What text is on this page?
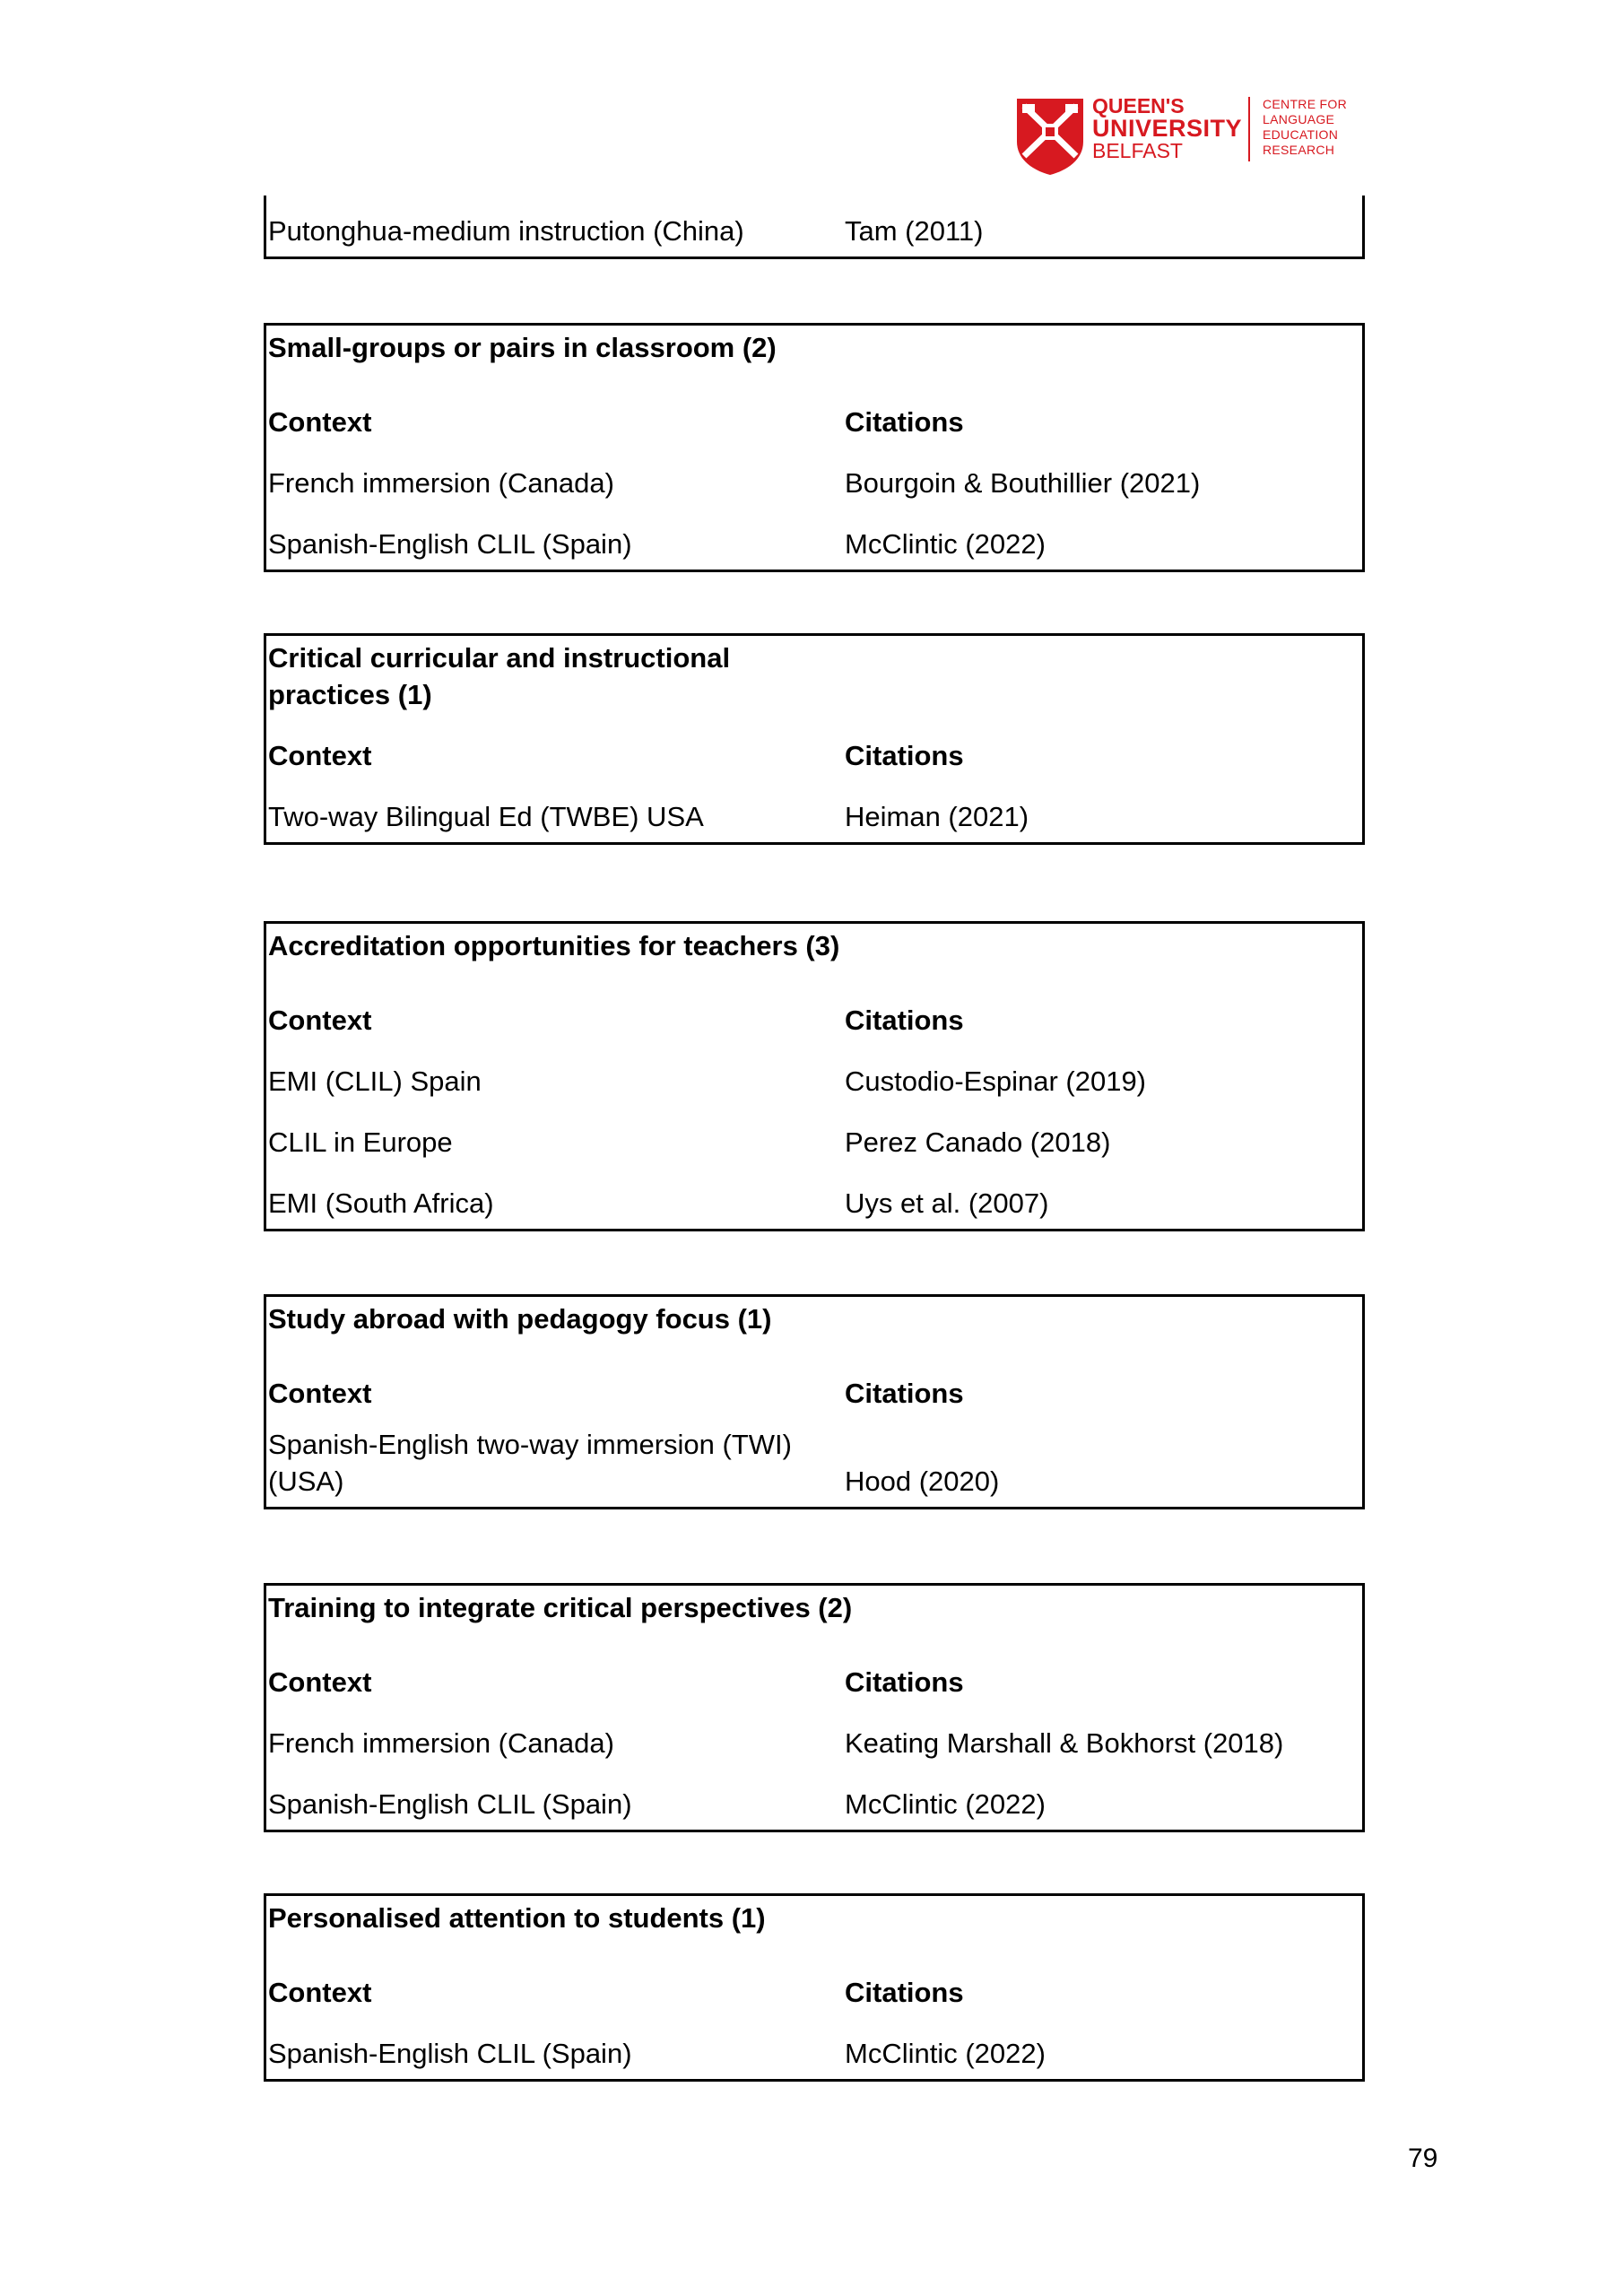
QUEEN'S
UNIVERSITY
BELFAST
CENTRE FOR
LANGUAGE
EDUCATION
RESEARCH
Putonghua-medium instruction (China)	Tam (2011)
Small-groups or pairs in classroom (2)
Context	Citations
French immersion (Canada)	Bourgoin & Bouthillier (2021)
Spanish-English CLIL (Spain)	McClintic (2022)
Critical curricular and instructional practices (1)
Context	Citations
Two-way Bilingual Ed (TWBE) USA	Heiman (2021)
Accreditation opportunities for teachers (3)
Context	Citations
EMI (CLIL) Spain	Custodio-Espinar (2019)
CLIL in Europe	Perez Canado (2018)
EMI (South Africa)	Uys et al. (2007)
Study abroad with pedagogy focus (1)
Context	Citations
Spanish-English two-way immersion (TWI) (USA)	Hood (2020)
Training to integrate critical perspectives (2)
Context	Citations
French immersion (Canada)	Keating Marshall & Bokhorst (2018)
Spanish-English CLIL (Spain)	McClintic (2022)
Personalised attention to students (1)
Context	Citations
Spanish-English CLIL (Spain)	McClintic (2022)
79
